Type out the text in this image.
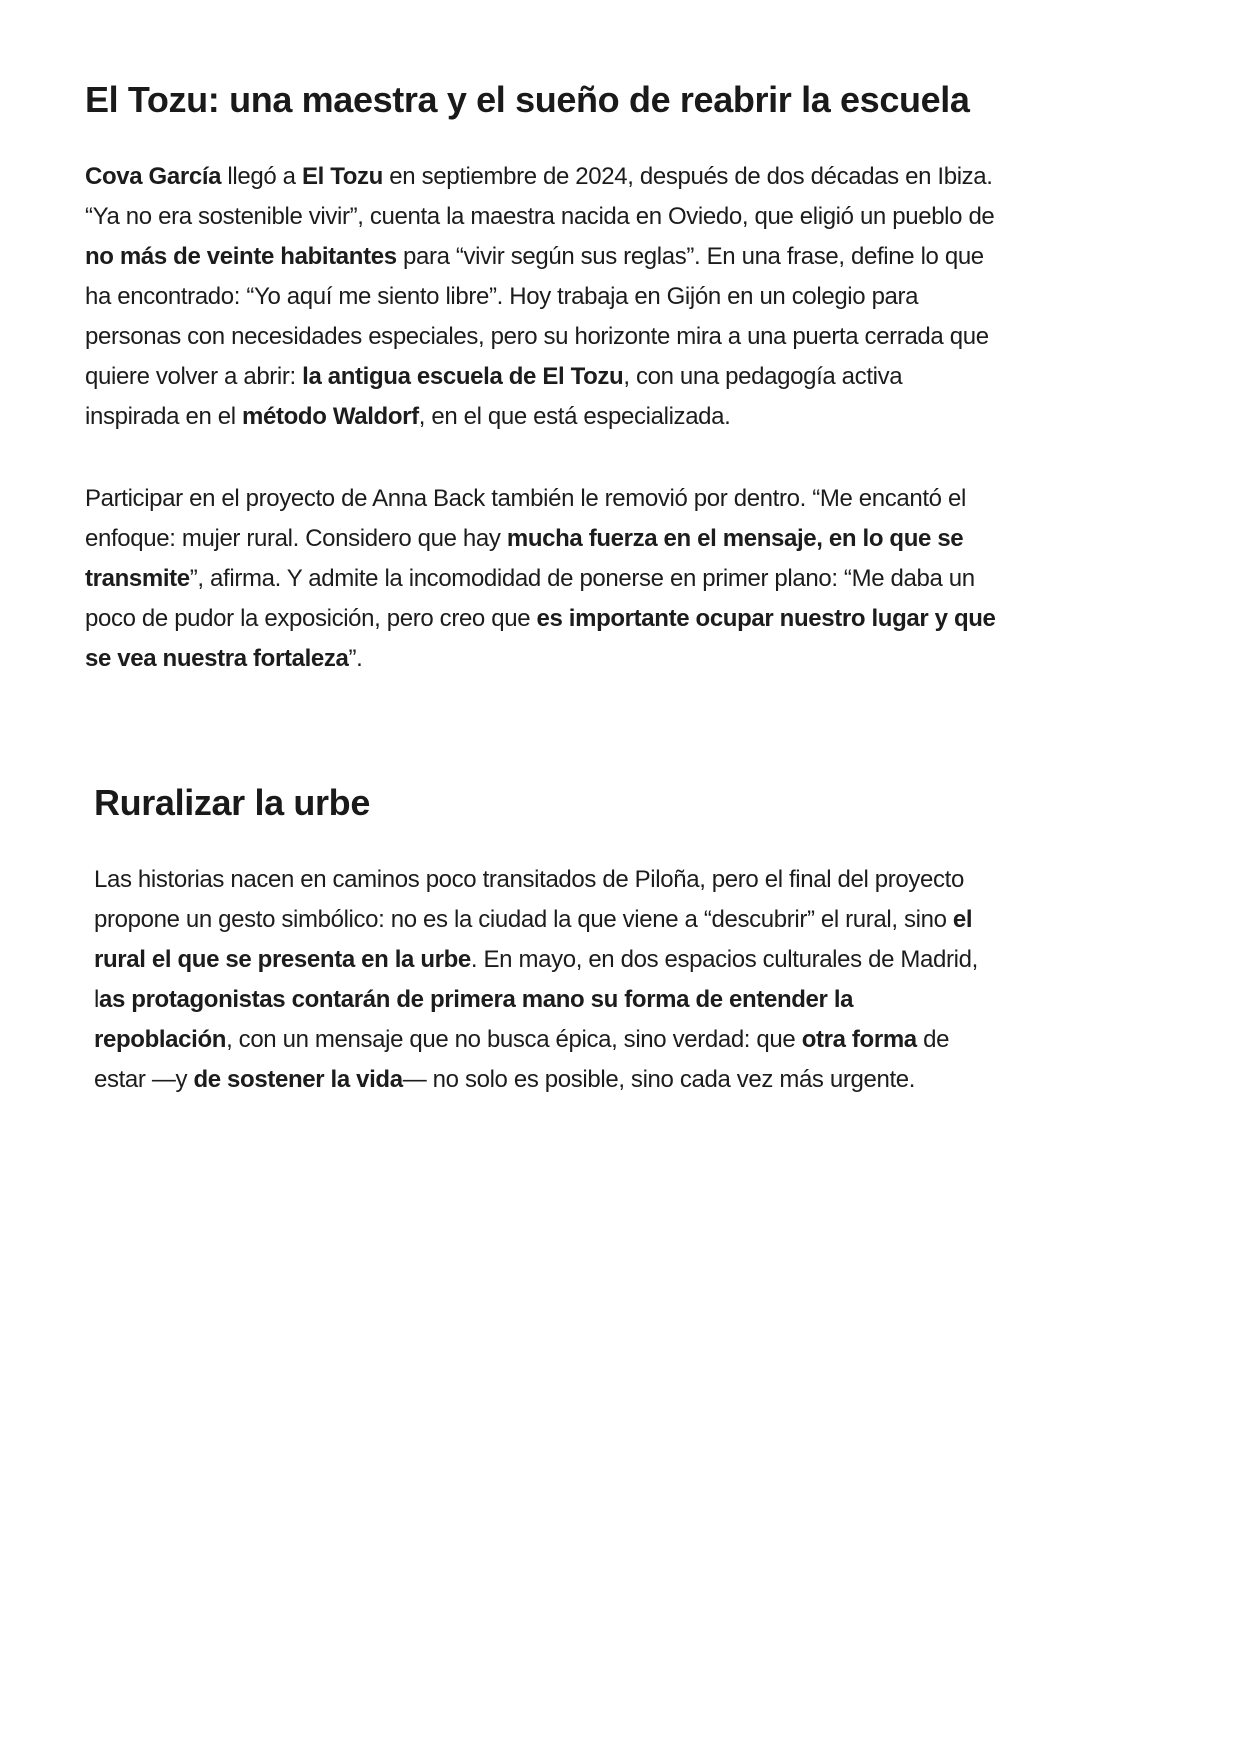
El Tozu: una maestra y el sueño de reabrir la escuela

Cova García llegó a El Tozu en septiembre de 2024, después de dos décadas en Ibiza. “Ya no era sostenible vivir”, cuenta la maestra nacida en Oviedo, que eligió un pueblo de no más de veinte habitantes para “vivir según sus reglas”. En una frase, define lo que ha encontrado: “Yo aquí me siento libre”. Hoy trabaja en Gijón en un colegio para personas con necesidades especiales, pero su horizonte mira a una puerta cerrada que quiere volver a abrir: la antigua escuela de El Tozu, con una pedagogía activa inspirada en el método Waldorf, en el que está especializada.

Participar en el proyecto de Anna Back también le removió por dentro. “Me encantó el enfoque: mujer rural. Considero que hay mucha fuerza en el mensaje, en lo que se transmite”, afirma. Y admite la incomodidad de ponerse en primer plano: “Me daba un poco de pudor la exposición, pero creo que es importante ocupar nuestro lugar y que se vea nuestra fortaleza”.

Ruralizar la urbe

Las historias nacen en caminos poco transitados de Piloña, pero el final del proyecto propone un gesto simbólico: no es la ciudad la que viene a “descubrir” el rural, sino el rural el que se presenta en la urbe. En mayo, en dos espacios culturales de Madrid, las protagonistas contarán de primera mano su forma de entender la repoblación, con un mensaje que no busca épica, sino verdad: que otra forma de estar —y de sostener la vida— no solo es posible, sino cada vez más urgente.
